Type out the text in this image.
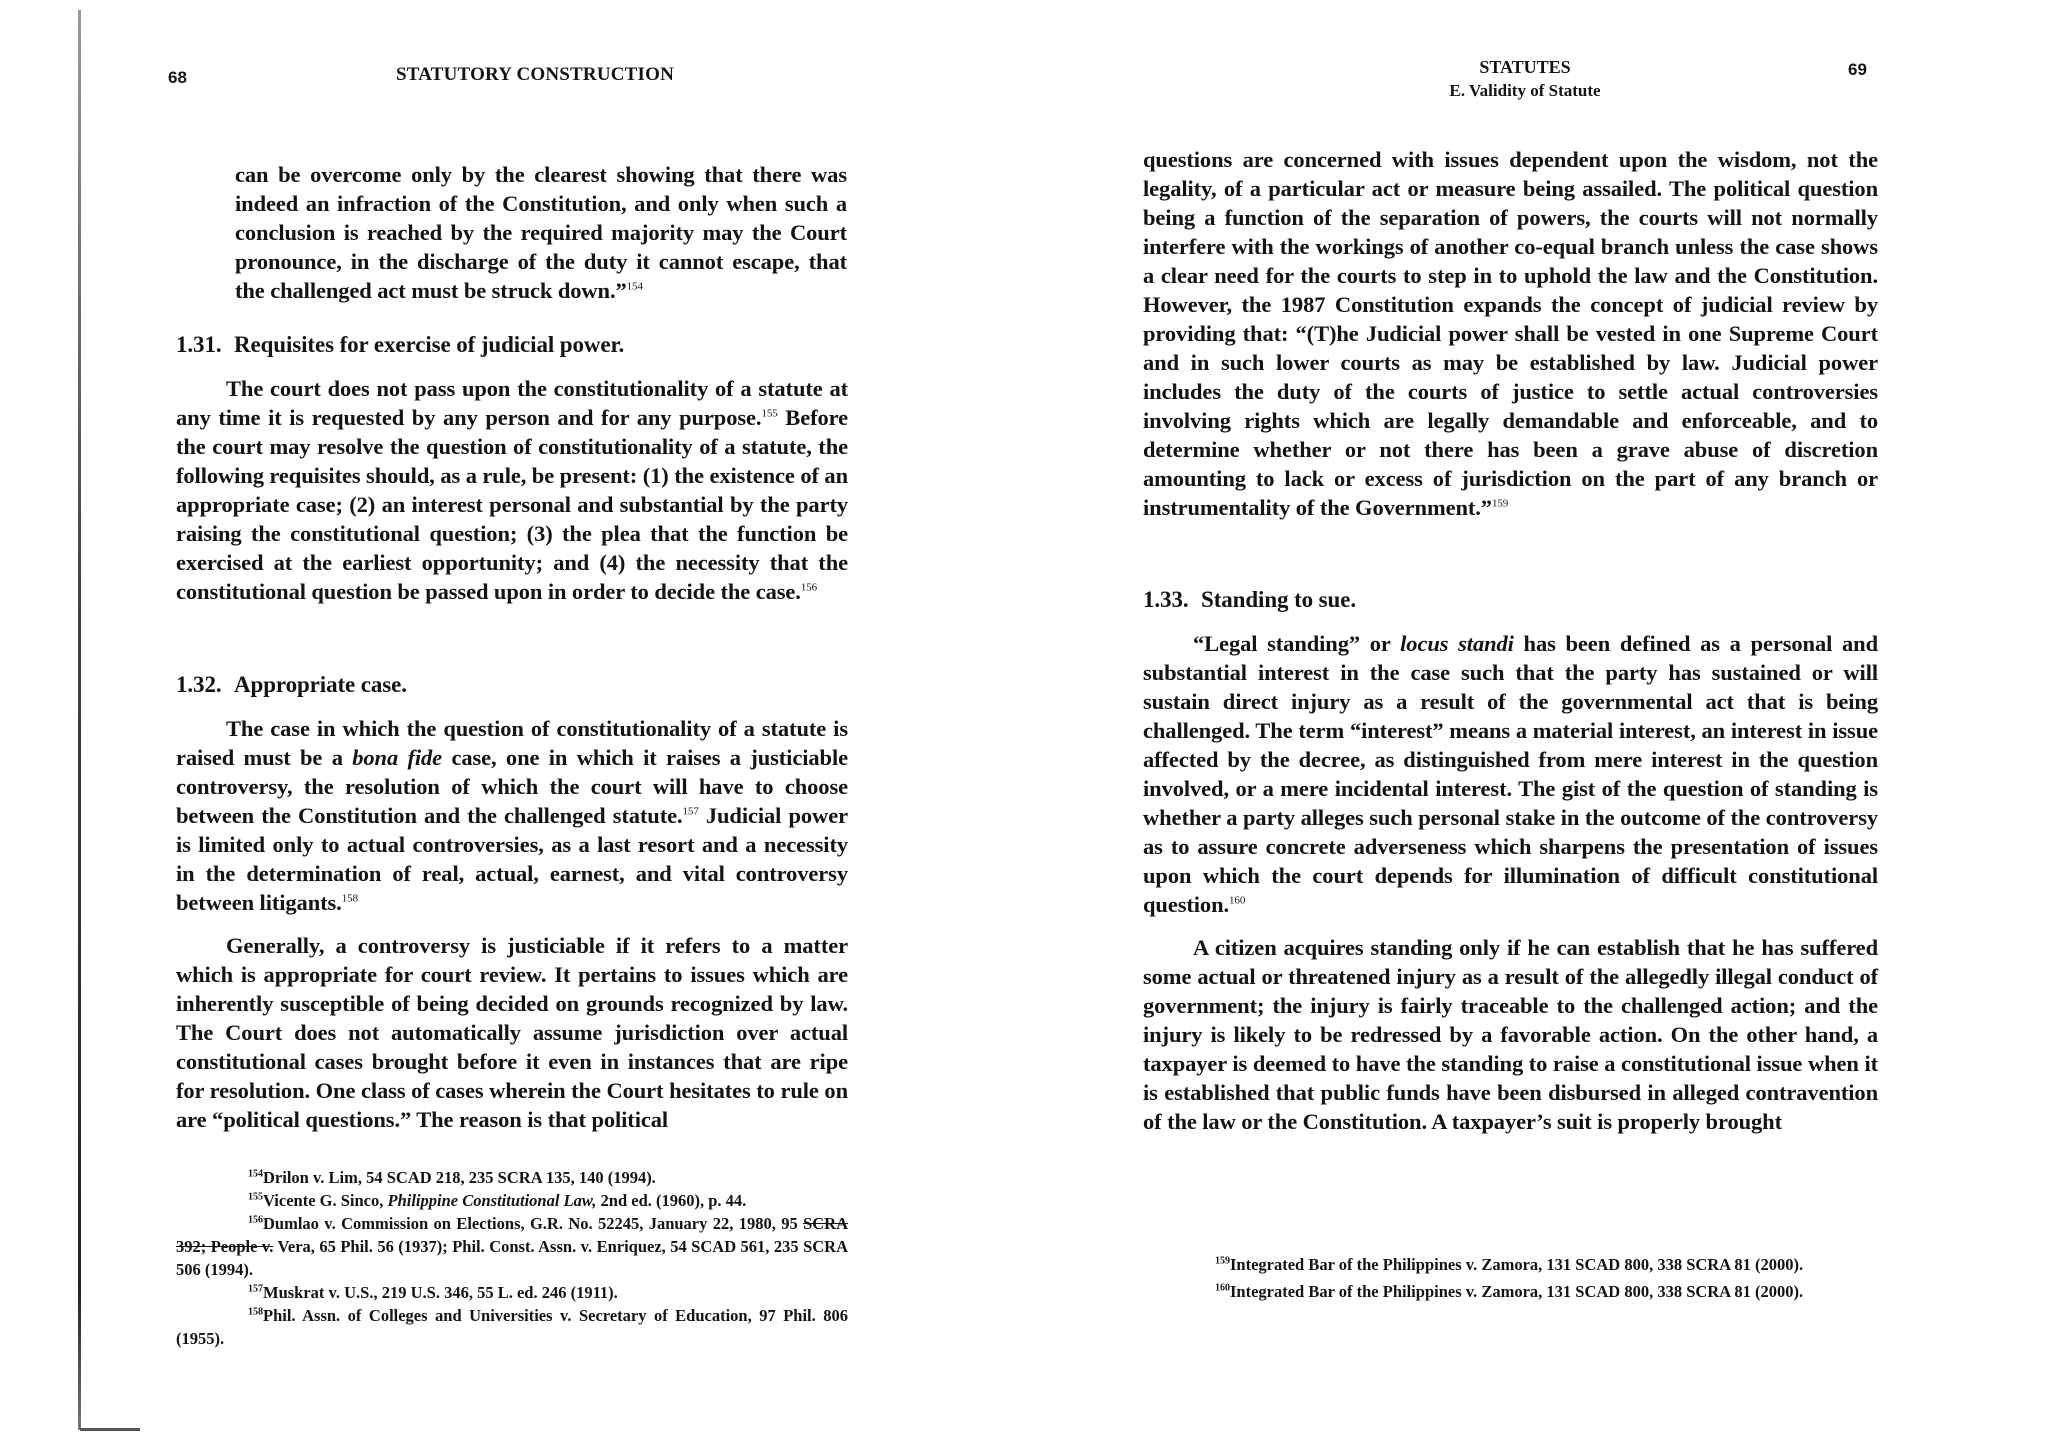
68	STATUTORY CONSTRUCTION

can be overcome only by the clearest showing that there was indeed an infraction of the Constitution, and only when such a conclusion is reached by the required majority may the Court pronounce, in the discharge of the duty it cannot escape, that the challenged act must be struck down.”$^{154}$

1.31. Requisites for exercise of judicial power.

The court does not pass upon the constitutionality of a statute at any time it is requested by any person and for any purpose.$^{155}$ Before the court may resolve the question of constitutionality of a statute, the following requisites should, as a rule, be present: (1) the existence of an appropriate case; (2) an interest personal and substantial by the party raising the constitutional question; (3) the plea that the function be exercised at the earliest opportunity; and (4) the necessity that the constitutional question be passed upon in order to decide the case.$^{156}$

1.32. Appropriate case.

The case in which the question of constitutionality of a statute is raised must be a bona fide case, one in which it raises a justiciable controversy, the resolution of which the court will have to choose between the Constitution and the challenged statute.$^{157}$ Judicial power is limited only to actual controversies, as a last resort and a necessity in the determination of real, actual, earnest, and vital controversy between litigants.$^{158}$

Generally, a controversy is justiciable if it refers to a matter which is appropriate for court review. It pertains to issues which are inherently susceptible of being decided on grounds recognized by law. The Court does not automatically assume jurisdiction over actual constitutional cases brought before it even in instances that are ripe for resolution. One class of cases wherein the Court hesitates to rule on are “political questions.” The reason is that political

$^{154}$Drilon v. Lim, 54 SCAD 218, 235 SCRA 135, 140 (1994).

$^{155}$Vicente G. Sinco, Philippine Constitutional Law, 2nd ed. (1960), p. 44.

$^{156}$Dumlao v. Commission on Elections, G.R. No. 52245, January 22, 1980, 95 SCRA 392; People v. Vera, 65 Phil. 56 (1937); Phil. Const. Assn. v. Enriquez, 54 SCAD 561, 235 SCRA 506 (1994).

$^{157}$Muskrat v. U.S., 219 U.S. 346, 55 L. ed. 246 (1911).

$^{158}$Phil. Assn. of Colleges and Universities v. Secretary of Education, 97 Phil. 806 (1955).

STATUTES
E. Validity of Statute
69

questions are concerned with issues dependent upon the wisdom, not the legality, of a particular act or measure being assailed. The political question being a function of the separation of powers, the courts will not normally interfere with the workings of another co-equal branch unless the case shows a clear need for the courts to step in to uphold the law and the Constitution. However, the 1987 Constitution expands the concept of judicial review by providing that: “(T)he Judicial power shall be vested in one Supreme Court and in such lower courts as may be established by law. Judicial power includes the duty of the courts of justice to settle actual controversies involving rights which are legally demandable and enforceable, and to determine whether or not there has been a grave abuse of discretion amounting to lack or excess of jurisdiction on the part of any branch or instrumentality of the Government.”$^{159}$

1.33. Standing to sue.

“Legal standing” or locus standi has been defined as a personal and substantial interest in the case such that the party has sustained or will sustain direct injury as a result of the governmental act that is being challenged. The term “interest” means a material interest, an interest in issue affected by the decree, as distinguished from mere interest in the question involved, or a mere incidental interest. The gist of the question of standing is whether a party alleges such personal stake in the outcome of the controversy as to assure concrete adverseness which sharpens the presentation of issues upon which the court depends for illumination of difficult constitutional question.$^{160}$

A citizen acquires standing only if he can establish that he has suffered some actual or threatened injury as a result of the allegedly illegal conduct of government; the injury is fairly traceable to the challenged action; and the injury is likely to be redressed by a favorable action. On the other hand, a taxpayer is deemed to have the standing to raise a constitutional issue when it is established that public funds have been disbursed in alleged contravention of the law or the Constitution. A taxpayer’s suit is properly brought

$^{159}$Integrated Bar of the Philippines v. Zamora, 131 SCAD 800, 338 SCRA 81 (2000).

$^{160}$Integrated Bar of the Philippines v. Zamora, 131 SCAD 800, 338 SCRA 81 (2000).
